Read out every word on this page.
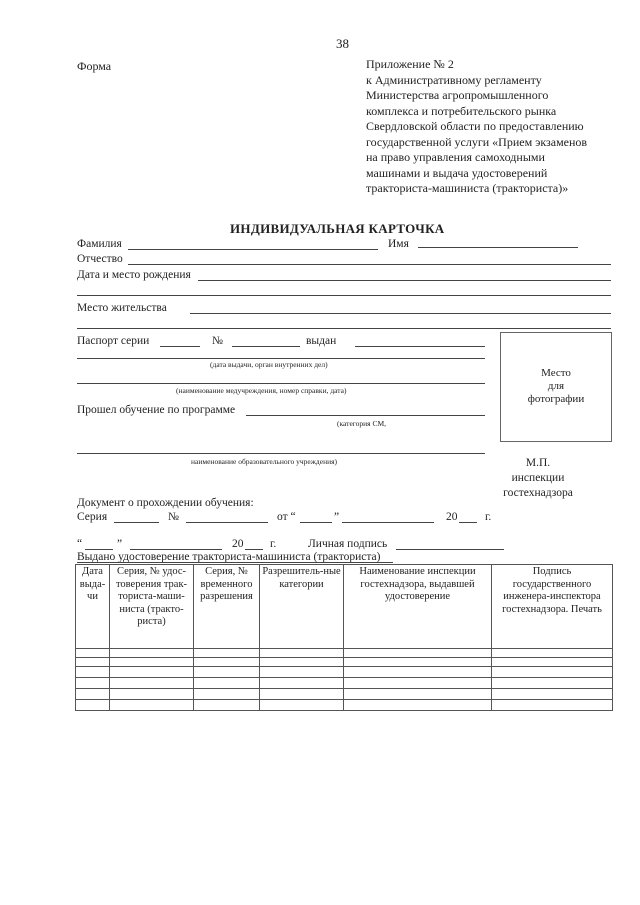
38
Форма	Приложение № 2
к Административному регламенту
Министерства агропромышленного
комплекса и потребительского рынка
Свердловской области по предоставлению
государственной услуги «Прием экзаменов
на право управления самоходными
машинами и выдача удостоверений
тракториста-машиниста (тракториста)»
ИНДИВИДУАЛЬНАЯ КАРТОЧКА
Фамилия	Имя
Отчество
Дата и место рождения
Место жительства
Паспорт серии	№	выдан
(дата выдачи, орган внутренних дел)
(наименование медучреждения, номер справки, дата)
Прошел обучение по программе
(категория СМ,
наименование образовательного учреждения)
Место
для
фотографии
М.П.
инспекции
гостехнадзора
Документ о прохождении обучения:
Серия	№	от “	”	20 г.
“	”	20 г.	Личная подпись
Выдано удостоверение тракториста-машиниста (тракториста)
Дата выда-чи	Серия, № удос-товерения трак-ториста-маши-ниста (тракто-риста)	Серия, № временного разрешения	Разрешитель-ные категории	Наименование инспекции гостехнадзора, выдавшей удостоверение	Подпись государственного инженера-инспектора гостехнадзора. Печать
